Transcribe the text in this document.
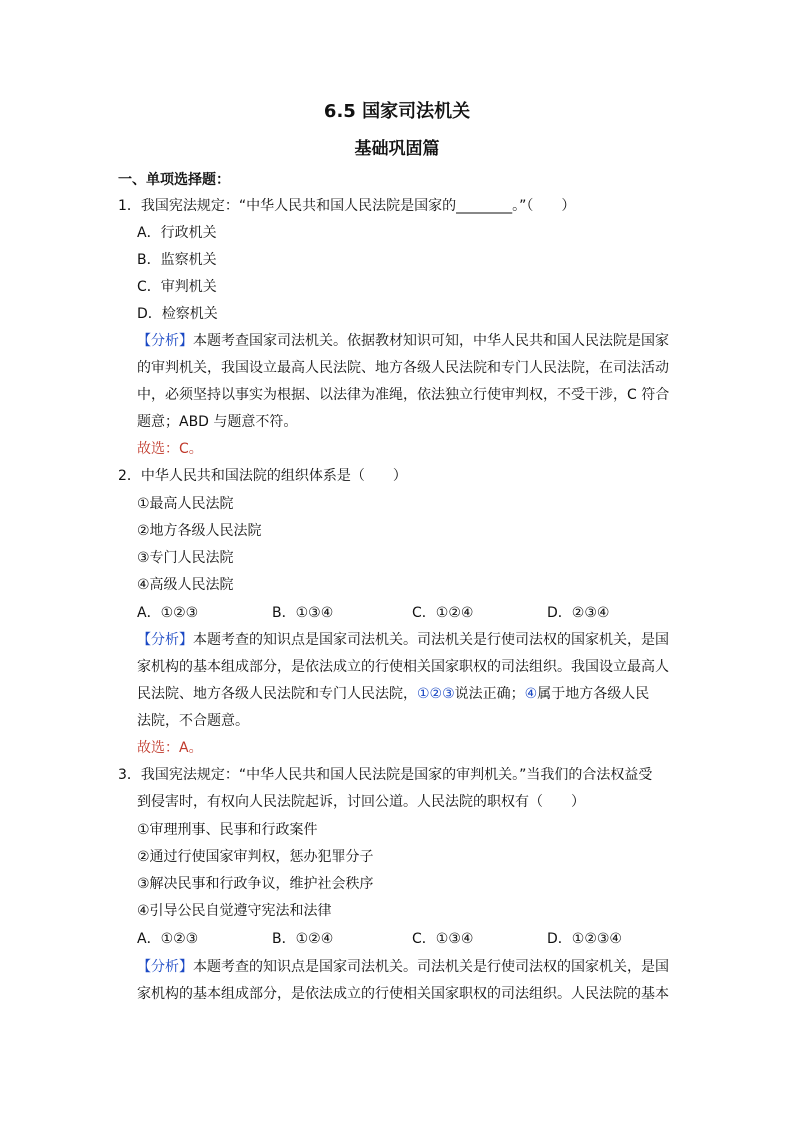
6.5 国家司法机关
基础巩固篇
一、单项选择题：
1．我国宪法规定：“中华人民共和国人民法院是国家的________。”（　　）
A．行政机关
B．监察机关
C．审判机关
D．检察机关
【分析】本题考查国家司法机关。依据教材知识可知，中华人民共和国人民法院是国家
的审判机关，我国设立最高人民法院、地方各级人民法院和专门人民法院，在司法活动
中，必须坚持以事实为根据、以法律为准绳，依法独立行使审判权，不受干涉，C 符合
题意；ABD 与题意不符。
故选：C。
2．中华人民共和国法院的组织体系是（　　）
①最高人民法院
②地方各级人民法院
③专门人民法院
④高级人民法院
A．①②③	B．①③④	C．①②④	D．②③④
【分析】本题考查的知识点是国家司法机关。司法机关是行使司法权的国家机关，是国
家机构的基本组成部分，是依法成立的行使相关国家职权的司法组织。我国设立最高人
民法院、地方各级人民法院和专门人民法院，①②③说法正确；④属于地方各级人民
法院，不合题意。
故选：A。
3．我国宪法规定：“中华人民共和国人民法院是国家的审判机关。”当我们的合法权益受
到侵害时，有权向人民法院起诉，讨回公道。人民法院的职权有（　　）
①审理刑事、民事和行政案件
②通过行使国家审判权，惩办犯罪分子
③解决民事和行政争议，维护社会秩序
④引导公民自觉遵守宪法和法律
A．①②③	B．①②④	C．①③④	D．①②③④
【分析】本题考查的知识点是国家司法机关。司法机关是行使司法权的国家机关，是国
家机构的基本组成部分，是依法成立的行使相关国家职权的司法组织。人民法院的基本
